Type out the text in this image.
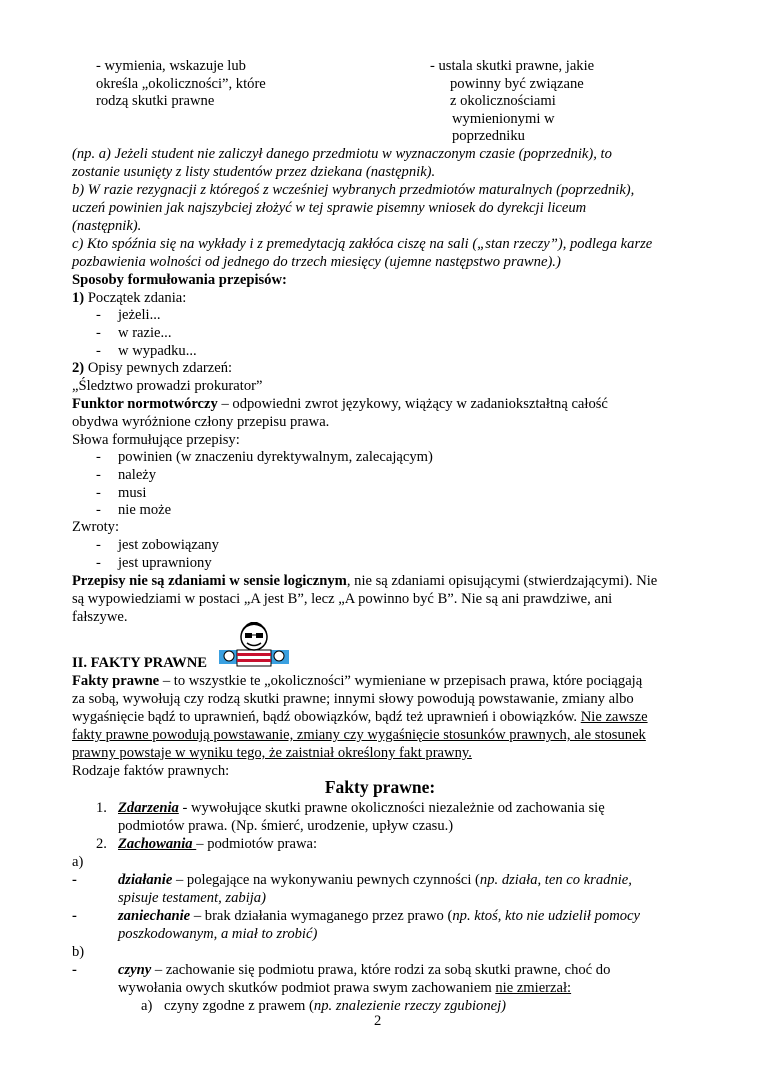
- wymienia, wskazuje lub
określa „okoliczności”, które
rodzą skutki prawne
- ustala skutki prawne, jakie
powinny być związane
z okolicznościami
wymienionymi w
poprzedniku
(np. a) Jeżeli student nie zaliczył danego przedmiotu w wyznaczonym czasie (poprzednik), to
zostanie usunięty z listy studentów przez dziekana (następnik).
b) W razie rezygnacji z któregoś z wcześniej wybranych przedmiotów maturalnych (poprzednik),
uczeń powinien jak najszybciej złożyć w tej sprawie pisemny wniosek do dyrekcji liceum
(następnik).
c) Kto spóźnia się na wykłady i z premedytacją zakłóca ciszę na sali („stan rzeczy”), podlega karze
pozbawienia wolności od jednego do trzech miesięcy (ujemne następstwo prawne).)
Sposoby formułowania przepisów:
1) Początek zdania:
- jeżeli...
- w razie...
- w wypadku...
2) Opisy pewnych zdarzeń:
„Śledztwo prowadzi prokurator”
Funktor normotwórczy – odpowiedni zwrot językowy, wiążący w zadaniokształtną całość
obydwa wyróżnione człony przepisu prawa.
Słowa formułujące przepisy:
- powinien (w znaczeniu dyrektywalnym, zalecającym)
- należy
- musi
- nie może
Zwroty:
- jest zobowiązany
- jest uprawniony
Przepisy nie są zdaniami w sensie logicznym, nie są zdaniami opisującymi (stwierdzającymi). Nie
są wypowiedziami w postaci „A jest B”, lecz „A powinno być B”. Nie są ani prawdziwe, ani
fałszywe.
II. FAKTY PRAWNE
Fakty prawne – to wszystkie te „okoliczności” wymieniane w przepisach prawa, które pociągają
za sobą, wywołują czy rodzą skutki prawne; innymi słowy powodują powstawanie, zmiany albo
wygaśnięcie bądź to uprawnień, bądź obowiązków, bądź też uprawnień i obowiązków. Nie zawsze
fakty prawne powodują powstawanie, zmiany czy wygaśnięcie stosunków prawnych, ale stosunek
prawny powstaje w wyniku tego, że zaistniał określony fakt prawny.
Rodzaje faktów prawnych:
Fakty prawne:
1. Zdarzenia - wywołujące skutki prawne okoliczności niezależnie od zachowania się
podmiotów prawa. (Np. śmierć, urodzenie, upływ czasu.)
2. Zachowania – podmiotów prawa:
a)
-	działanie – polegające na wykonywaniu pewnych czynności (np. działa, ten co kradnie,
spisuje testament, zabija)
-	zaniechanie – brak działania wymaganego przez prawo (np. ktoś, kto nie udzielił pomocy
poszkodowanym, a miał to zrobić)
b)
-	czyny – zachowanie się podmiotu prawa, które rodzi za sobą skutki prawne, choć do
wywołania owych skutków podmiot prawa swym zachowaniem nie zmierzał:
a) czyny zgodne z prawem (np. znalezienie rzeczy zgubionej)
2
